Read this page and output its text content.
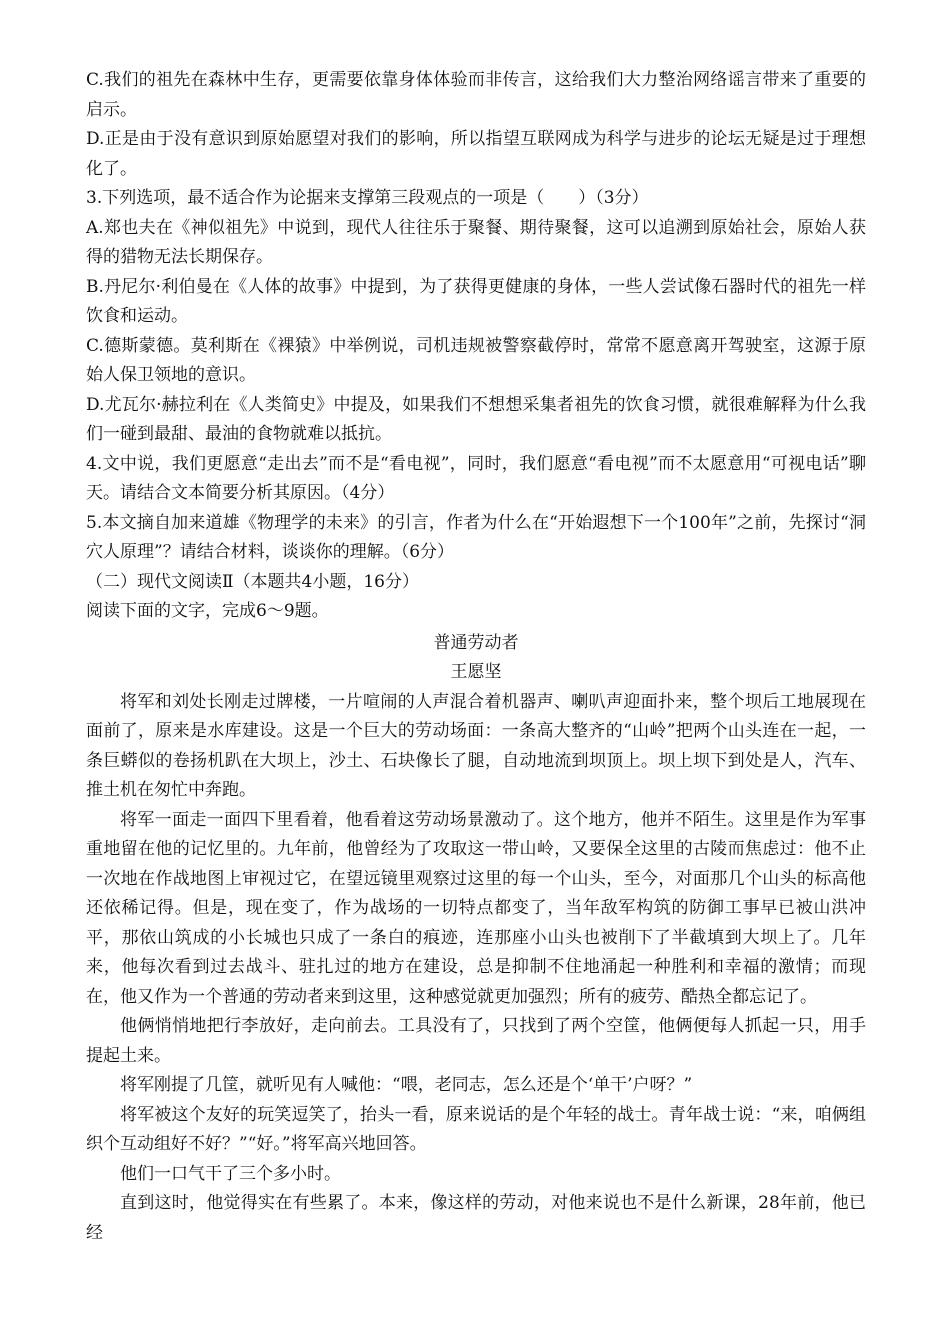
C.我们的祖先在森林中生存，更需要依靠身体体验而非传言，这给我们大力整治网络谣言带来了重要的启示。

D.正是由于没有意识到原始愿望对我们的影响，所以指望互联网成为科学与进步的论坛无疑是过于理想化了。

3.下列选项，最不适合作为论据来支撑第三段观点的一项是（　　）（3分）

A.郑也夫在《神似祖先》中说到，现代人往往乐于聚餐、期待聚餐，这可以追溯到原始社会，原始人获得的猎物无法长期保存。

B.丹尼尔·利伯曼在《人体的故事》中提到，为了获得更健康的身体，一些人尝试像石器时代的祖先一样饮食和运动。

C.德斯蒙德。莫利斯在《裸猿》中举例说，司机违规被警察截停时，常常不愿意离开驾驶室，这源于原始人保卫领地的意识。

D.尤瓦尔·赫拉利在《人类简史》中提及，如果我们不想想采集者祖先的饮食习惯，就很难解释为什么我们一碰到最甜、最油的食物就难以抵抗。

4.文中说，我们更愿意“走出去”而不是“看电视”，同时，我们愿意“看电视”而不太愿意用“可视电话”聊天。请结合文本简要分析其原因。（4分）

5.本文摘自加来道雄《物理学的未来》的引言，作者为什么在“开始遐想下一个100年”之前，先探讨“洞穴人原理”？请结合材料，谈谈你的理解。（6分）

（二）现代文阅读Ⅱ（本题共4小题，16分）

阅读下面的文字，完成6～9题。

普通劳动者

王愿坚

将军和刘处长刚走过牌楼，一片喧闹的人声混合着机器声、喇叭声迎面扑来，整个坝后工地展现在面前了，原来是水库建设。这是一个巨大的劳动场面：一条高大整齐的“山岭”把两个山头连在一起，一条巨蟒似的卷扬机趴在大坝上，沙土、石块像长了腿，自动地流到坝顶上。坝上坝下到处是人，汽车、推土机在匆忙中奔跑。

将军一面走一面四下里看着，他看着这劳动场景激动了。这个地方，他并不陌生。这里是作为军事重地留在他的记忆里的。九年前，他曾经为了攻取这一带山岭，又要保全这里的古陵而焦虑过：他不止一次地在作战地图上审视过它，在望远镜里观察过这里的每一个山头，至今，对面那几个山头的标高他还依稀记得。但是，现在变了，作为战场的一切特点都变了，当年敌军构筑的防御工事早已被山洪冲平，那依山筑成的小长城也只成了一条白的痕迹，连那座小山头也被削下了半截填到大坝上了。几年来，他每次看到过去战斗、驻扎过的地方在建设，总是抑制不住地涌起一种胜利和幸福的激情；而现在，他又作为一个普通的劳动者来到这里，这种感觉就更加强烈；所有的疲劳、酷热全都忘记了。

他俩悄悄地把行李放好，走向前去。工具没有了，只找到了两个空筐，他俩便每人抓起一只，用手提起土来。

将军刚提了几筐，就听见有人喊他：“喂，老同志，怎么还是个‘单干’户呀？”

将军被这个友好的玩笑逗笑了，抬头一看，原来说话的是个年轻的战士。青年战士说：“来，咱俩组织个互动组好不好？”“好。”将军高兴地回答。

他们一口气干了三个多小时。

直到这时，他觉得实在有些累了。本来，像这样的劳动，对他来说也不是什么新课，28年前，他已经
